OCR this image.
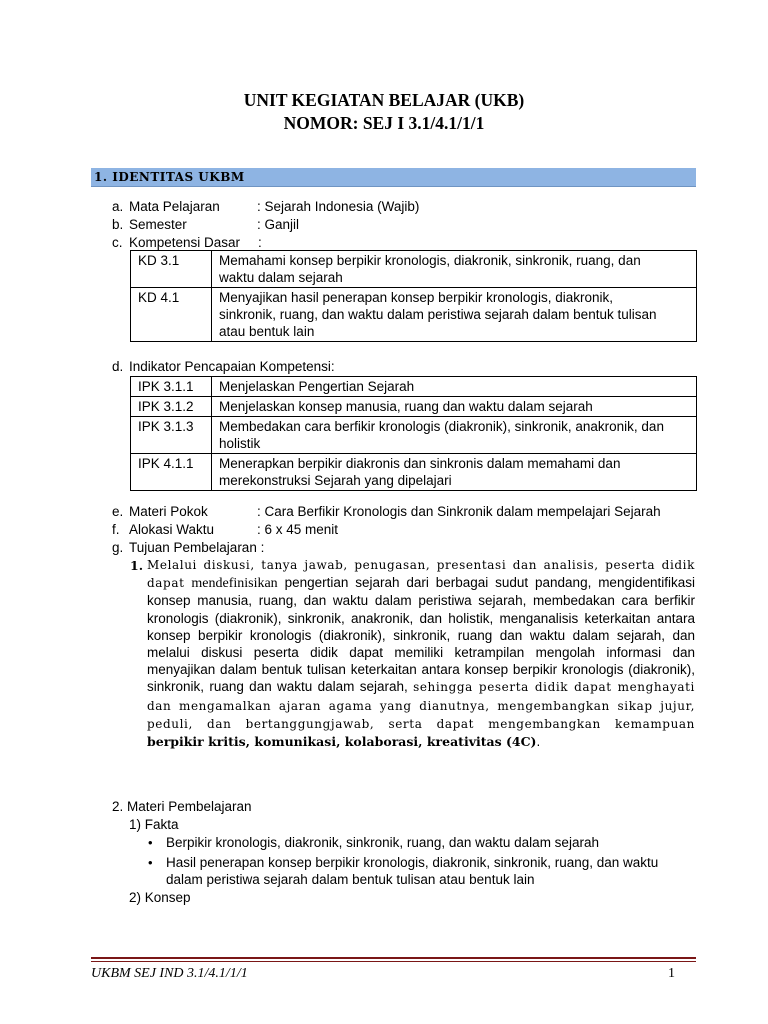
UNIT KEGIATAN BELAJAR (UKB)
NOMOR: SEJ I 3.1/4.1/1/1
1. IDENTITAS UKBM
a. Mata Pelajaran	: Sejarah Indonesia (Wajib)
b. Semester	: Ganjil
c. Kompetensi Dasar :
KD 3.1	Memahami konsep berpikir kronologis, diakronik, sinkronik, ruang, dan
waktu dalam sejarah

KD 4.1	Menyajikan hasil penerapan konsep berpikir kronologis, diakronik,
sinkronik, ruang, dan waktu dalam peristiwa sejarah dalam bentuk tulisan
atau bentuk lain
d. Indikator Pencapaian Kompetensi:
IPK 3.1.1	Menjelaskan Pengertian Sejarah

IPK 3.1.2	Menjelaskan konsep manusia, ruang dan waktu dalam sejarah

IPK 3.1.3	Membedakan cara berfikir kronologis (diakronik), sinkronik, anakronik, dan
holistik

IPK 4.1.1	Menerapkan berpikir diakronis dan sinkronis dalam memahami dan
merekonstruksi Sejarah yang dipelajari
e. Materi Pokok	: Cara Berfikir Kronologis dan Sinkronik dalam mempelajari Sejarah
f. Alokasi Waktu	: 6 x 45 menit
g. Tujuan Pembelajaran :
1. Melalui diskusi, tanya jawab, penugasan, presentasi dan analisis, peserta didik dapat mendefinisikan pengertian sejarah dari berbagai sudut pandang, mengidentifikasi konsep manusia, ruang, dan waktu dalam peristiwa sejarah, membedakan cara berfikir kronologis (diakronik), sinkronik, anakronik, dan holistik, menganalisis keterkaitan antara konsep berpikir kronologis (diakronik), sinkronik, ruang dan waktu dalam sejarah, dan melalui diskusi peserta didik dapat memiliki ketrampilan mengolah informasi dan menyajikan dalam bentuk tulisan keterkaitan antara konsep berpikir kronologis (diakronik), sinkronik, ruang dan waktu dalam sejarah, sehingga peserta didik dapat menghayati dan mengamalkan ajaran agama yang dianutnya, mengembangkan sikap jujur, peduli, dan bertanggungjawab, serta dapat mengembangkan kemampuan berpikir kritis, komunikasi, kolaborasi, kreativitas (4C).
2. Materi Pembelajaran
1) Fakta
• Berpikir kronologis, diakronik, sinkronik, ruang, dan waktu dalam sejarah
• Hasil penerapan konsep berpikir kronologis, diakronik, sinkronik, ruang, dan waktu
dalam peristiwa sejarah dalam bentuk tulisan atau bentuk lain
2) Konsep
UKBM SEJ IND 3.1/4.1/1/1	1
